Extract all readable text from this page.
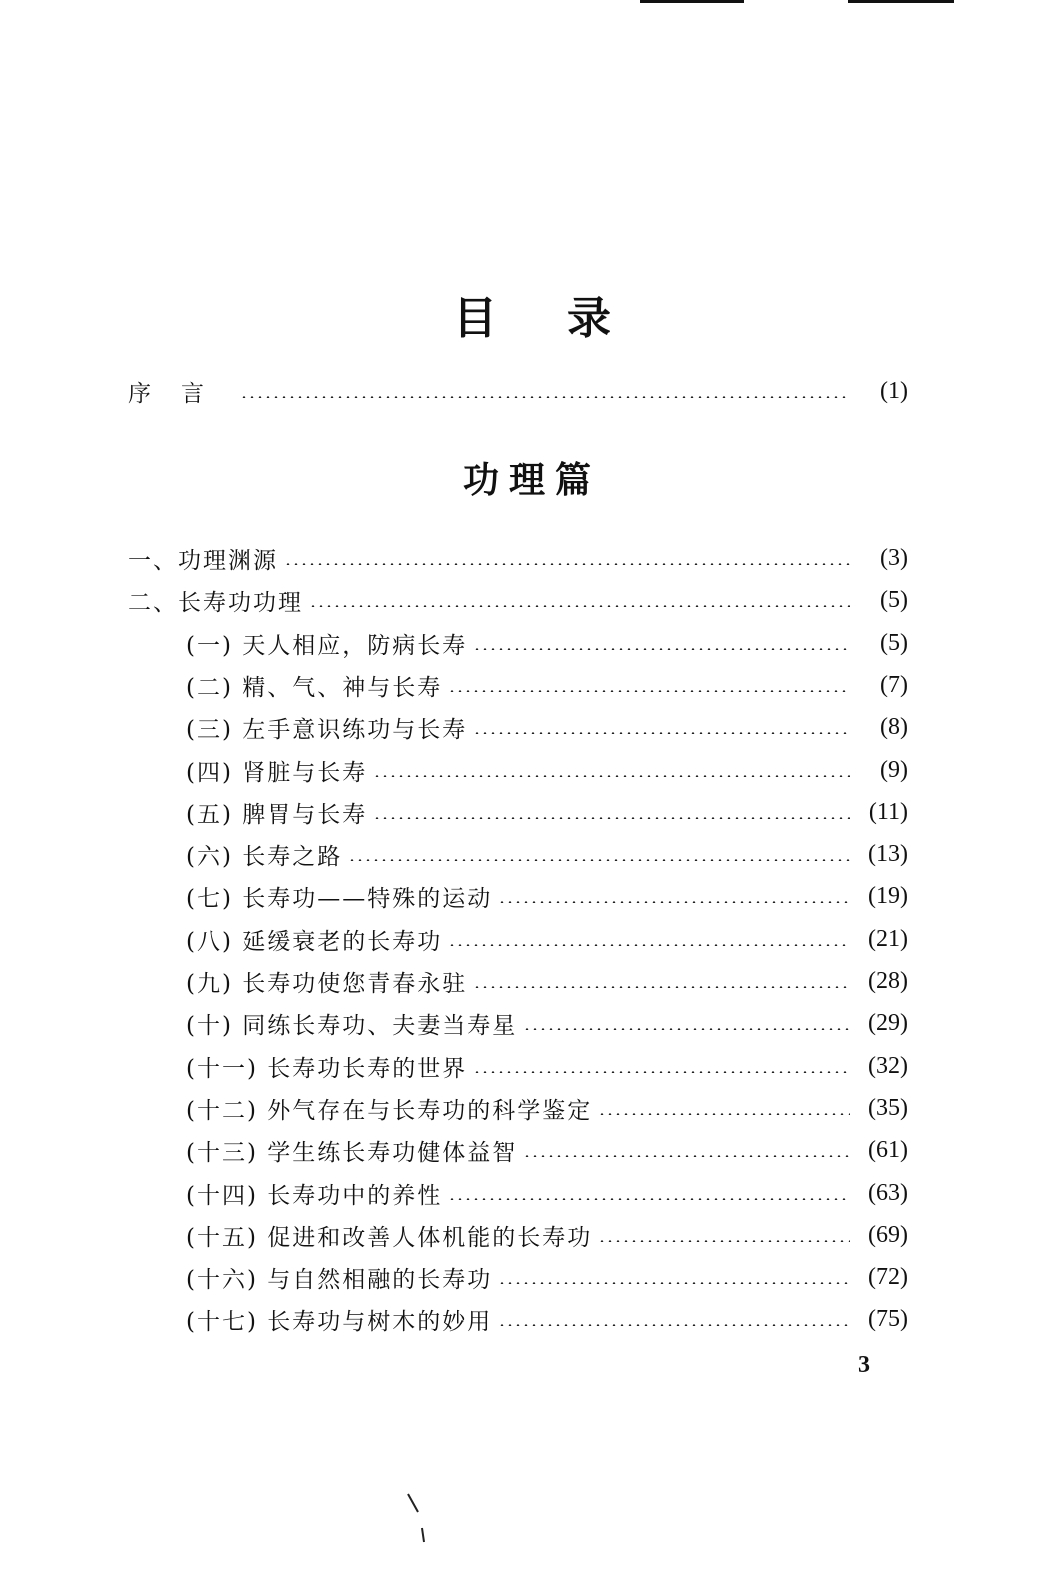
目 录
序言	(1)
功理篇
一、功理渊源	(3)
二、长寿功功理	(5)
(一) 天人相应，防病长寿	(5)
(二) 精、气、神与长寿	(7)
(三) 左手意识练功与长寿	(8)
(四) 肾脏与长寿	(9)
(五) 脾胃与长寿	(11)
(六) 长寿之路	(13)
(七) 长寿功——特殊的运动	(19)
(八) 延缓衰老的长寿功	(21)
(九) 长寿功使您青春永驻	(28)
(十) 同练长寿功、夫妻当寿星	(29)
(十一) 长寿功长寿的世界	(32)
(十二) 外气存在与长寿功的科学鉴定	(35)
(十三) 学生练长寿功健体益智	(61)
(十四) 长寿功中的养性	(63)
(十五) 促进和改善人体机能的长寿功	(69)
(十六) 与自然相融的长寿功	(72)
(十七) 长寿功与树木的妙用	(75)
3
